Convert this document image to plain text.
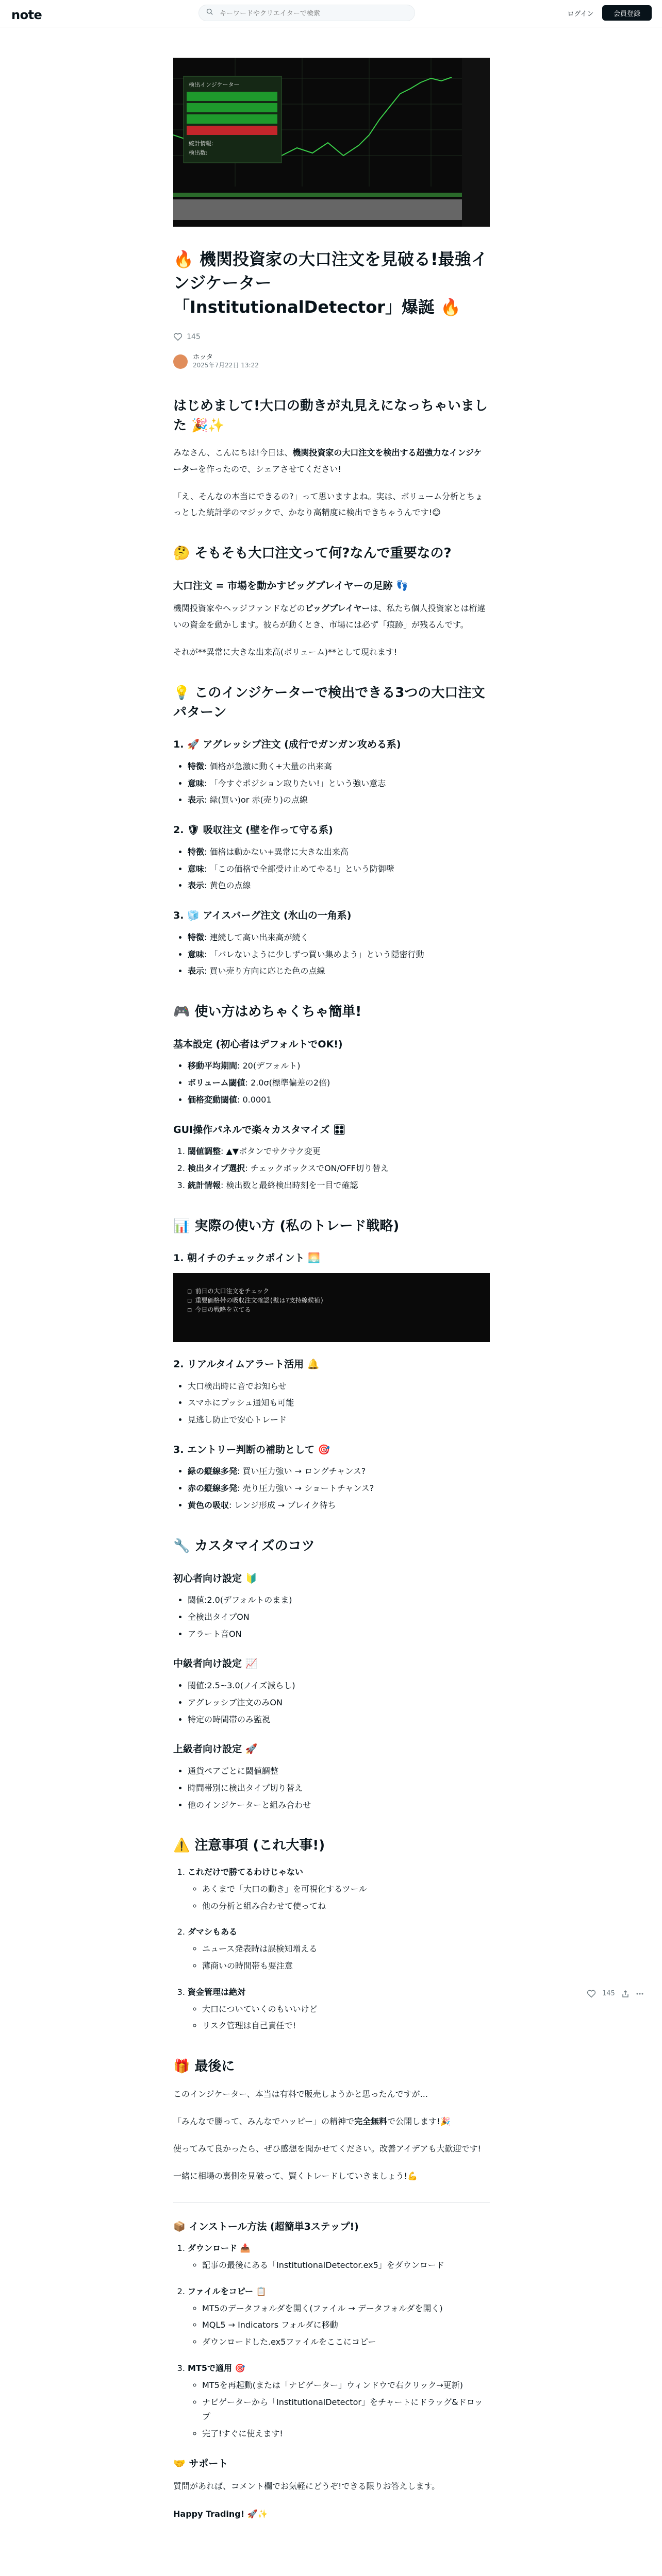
note
キーワードやクリエイターで検索	ログイン	会員登録
検出インジケーター
統計情報:
検出数:
🔥 機関投資家の大口注文を見破る!最強インジケーター「InstitutionalDetector」爆誕 🔥
145
ホッタ
2025年7月22日 13:22
はじめまして!大口の動きが丸見えになっちゃいました 🎉✨

みなさん、こんにちは!今日は、機関投資家の大口注文を検出する超強力なインジケーターを作ったので、シェアさせてください!

「え、そんなの本当にできるの?」って思いますよね。実は、ボリューム分析とちょっとした統計学のマジックで、かなり高精度に検出できちゃうんです!😊

🤔 そもそも大口注文って何?なんで重要なの?
大口注文 = 市場を動かすビッグプレイヤーの足跡 👣

機関投資家やヘッジファンドなどのビッグプレイヤーは、私たち個人投資家とは桁違いの資金を動かします。彼らが動くとき、市場には必ず「痕跡」が残るんです。

それが**異常に大きな出来高(ボリューム)**として現れます!

💡 このインジケーターで検出できる3つの大口注文パターン
1. 🚀 アグレッシブ注文 (成行でガンガン攻める系)
• 特徴: 価格が急激に動く+大量の出来高
• 意味: 「今すぐポジション取りたい!」という強い意志
• 表示: 緑(買い)or 赤(売り)の点線
2. 🛡 吸収注文 (壁を作って守る系)
• 特徴: 価格は動かない+異常に大きな出来高
• 意味: 「この価格で全部受け止めてやる!」という防御壁
• 表示: 黄色の点線
3. 🧊 アイスバーグ注文 (氷山の一角系)
• 特徴: 連続して高い出来高が続く
• 意味: 「バレないように少しずつ買い集めよう」という隠密行動
• 表示: 買い売り方向に応じた色の点線
🎮 使い方はめちゃくちゃ簡単!
基本設定 (初心者はデフォルトでOK!)
• 移動平均期間: 20(デフォルト)
• ボリューム閾値: 2.0σ(標準偏差の2倍)
• 価格変動閾値: 0.0001
GUI操作パネルで楽々カスタマイズ 🎛
1. 閾値調整: ▲▼ボタンでサクサク変更
2. 検出タイプ選択: チェックボックスでON/OFF切り替え
3. 統計情報: 検出数と最終検出時刻を一目で確認
📊 実際の使い方 (私のトレード戦略)
1. 朝イチのチェックポイント 🌅
□ 前日の大口注文をチェック
□ 重要価格帯の吸収注文確認(壁は?支持線候補)
□ 今日の戦略を立てる
2. リアルタイムアラート活用 🔔
• 大口検出時に音でお知らせ
• スマホにプッシュ通知も可能
• 見逃し防止で安心トレード
3. エントリー判断の補助として 🎯
• 緑の縦線多発: 買い圧力強い → ロングチャンス?
• 赤の縦線多発: 売り圧力強い → ショートチャンス?
• 黄色の吸収: レンジ形成 → ブレイク待ち
🔧 カスタマイズのコツ
初心者向け設定 🔰
• 閾値:2.0(デフォルトのまま)
• 全検出タイプON
• アラート音ON
中級者向け設定 📈
• 閾値:2.5~3.0(ノイズ減らし)
• アグレッシブ注文のみON
• 特定の時間帯のみ監視
上級者向け設定 🚀
• 通貨ペアごとに閾値調整
• 時間帯別に検出タイプ切り替え
• 他のインジケーターと組み合わせ
⚠️ 注意事項 (これ大事!)
1. これだけで勝てるわけじゃない
◦ あくまで「大口の動き」を可視化するツール
◦ 他の分析と組み合わせて使ってね
2. ダマシもある
◦ ニュース発表時は誤検知増える
◦ 薄商いの時間帯も要注意
3. 資金管理は絶対
◦ 大口についていくのもいいけど
◦ リスク管理は自己責任で!
🎁 最後に

このインジケーター、本当は有料で販売しようかと思ったんですが...

「みんなで勝って、みんなでハッピー」の精神で完全無料で公開します!🎉

使ってみて良かったら、ぜひ感想を聞かせてください。改善アイデアも大歓迎です!

一緒に相場の裏側を見破って、賢くトレードしていきましょう!💪

📦 インストール方法 (超簡単3ステップ!)
1. ダウンロード 📥
◦ 記事の最後にある「InstitutionalDetector.ex5」をダウンロード
2. ファイルをコピー 📋
◦ MT5のデータフォルダを開く(ファイル → データフォルダを開く)
◦ MQL5 → Indicators フォルダに移動
◦ ダウンロードした.ex5ファイルをここにコピー
3. MT5で適用 🎯
◦ MT5を再起動(または「ナビゲーター」ウィンドウで右クリック→更新)
◦ ナビゲーターから「InstitutionalDetector」をチャートにドラッグ&ドロップ
◦ 完了!すぐに使えます!
🤝 サポート

質問があれば、コメント欄でお気軽にどうぞ!できる限りお答えします。

Happy Trading! 🚀✨

145
